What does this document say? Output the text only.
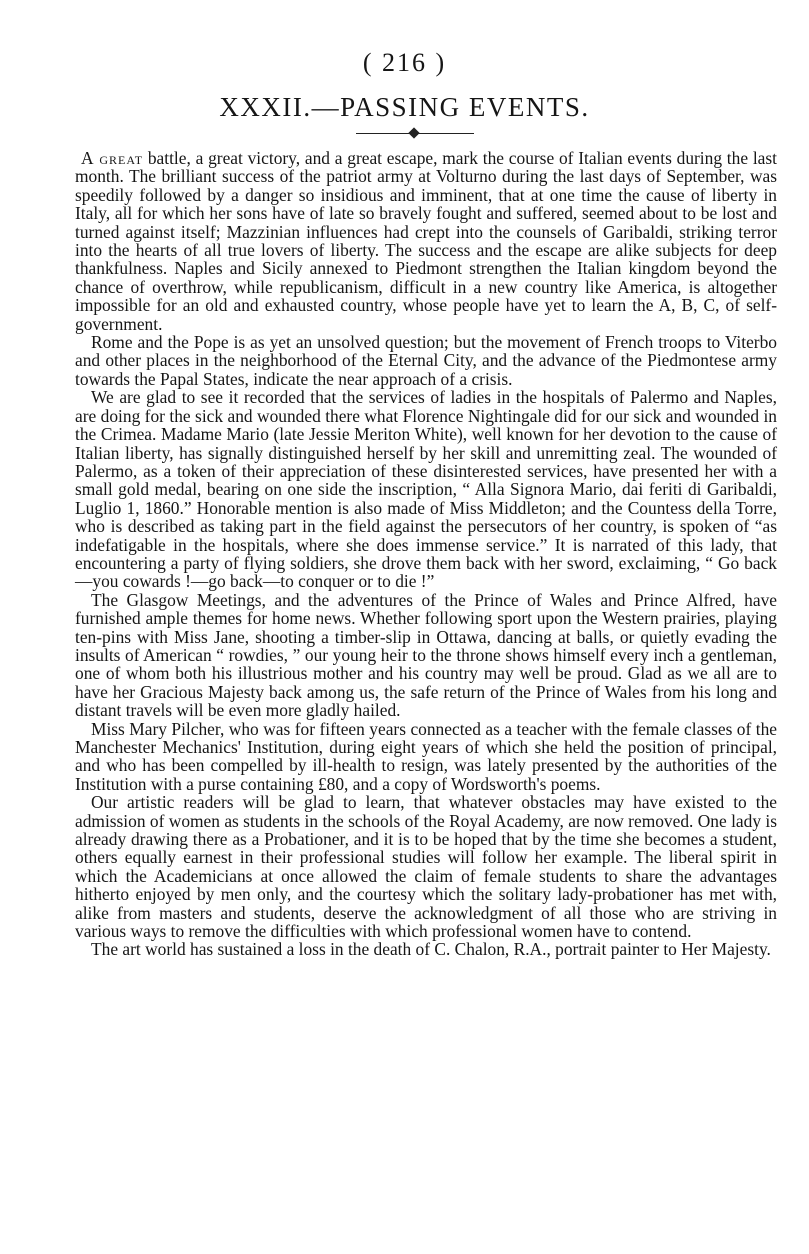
( 216 )
XXXII.—PASSING EVENTS.

A great battle, a great victory, and a great escape, mark the course of Italian events during the last month. The brilliant success of the patriot army at Volturno during the last days of September, was speedily followed by a danger so insidious and imminent, that at one time the cause of liberty in Italy, all for which her sons have of late so bravely fought and suffered, seemed about to be lost and turned against itself; Mazzinian influences had crept into the counsels of Garibaldi, striking terror into the hearts of all true lovers of liberty. The success and the escape are alike subjects for deep thankfulness. Naples and Sicily annexed to Piedmont strengthen the Italian kingdom beyond the chance of overthrow, while republicanism, difficult in a new country like America, is altogether impossible for an old and exhausted country, whose people have yet to learn the A, B, C, of self-government.

Rome and the Pope is as yet an unsolved question; but the movement of French troops to Viterbo and other places in the neighborhood of the Eternal City, and the advance of the Piedmontese army towards the Papal States, indicate the near approach of a crisis.

We are glad to see it recorded that the services of ladies in the hospitals of Palermo and Naples, are doing for the sick and wounded there what Florence Nightingale did for our sick and wounded in the Crimea. Madame Mario (late Jessie Meriton White), well known for her devotion to the cause of Italian liberty, has signally distinguished herself by her skill and unremitting zeal. The wounded of Palermo, as a token of their appreciation of these disinterested services, have presented her with a small gold medal, bearing on one side the inscription, “ Alla Signora Mario, dai feriti di Garibaldi, Luglio 1, 1860.” Honorable mention is also made of Miss Middleton; and the Countess della Torre, who is described as taking part in the field against the persecutors of her country, is spoken of “as indefatigable in the hospitals, where she does immense service.” It is narrated of this lady, that encountering a party of flying soldiers, she drove them back with her sword, exclaiming, “ Go back—you cowards !—go back—to conquer or to die !”

The Glasgow Meetings, and the adventures of the Prince of Wales and Prince Alfred, have furnished ample themes for home news. Whether following sport upon the Western prairies, playing ten-pins with Miss Jane, shooting a timber-slip in Ottawa, dancing at balls, or quietly evading the insults of American “ rowdies, ” our young heir to the throne shows himself every inch a gentleman, one of whom both his illustrious mother and his country may well be proud. Glad as we all are to have her Gracious Majesty back among us, the safe return of the Prince of Wales from his long and distant travels will be even more gladly hailed.

Miss Mary Pilcher, who was for fifteen years connected as a teacher with the female classes of the Manchester Mechanics' Institution, during eight years of which she held the position of principal, and who has been compelled by ill-health to resign, was lately presented by the authorities of the Institution with a purse containing £80, and a copy of Wordsworth's poems.

Our artistic readers will be glad to learn, that whatever obstacles may have existed to the admission of women as students in the schools of the Royal Academy, are now removed. One lady is already drawing there as a Probationer, and it is to be hoped that by the time she becomes a student, others equally earnest in their professional studies will follow her example. The liberal spirit in which the Academicians at once allowed the claim of female students to share the advantages hitherto enjoyed by men only, and the courtesy which the solitary lady-probationer has met with, alike from masters and students, deserve the acknowledgment of all those who are striving in various ways to remove the difficulties with which professional women have to contend.

The art world has sustained a loss in the death of C. Chalon, R.A., portrait painter to Her Majesty.
